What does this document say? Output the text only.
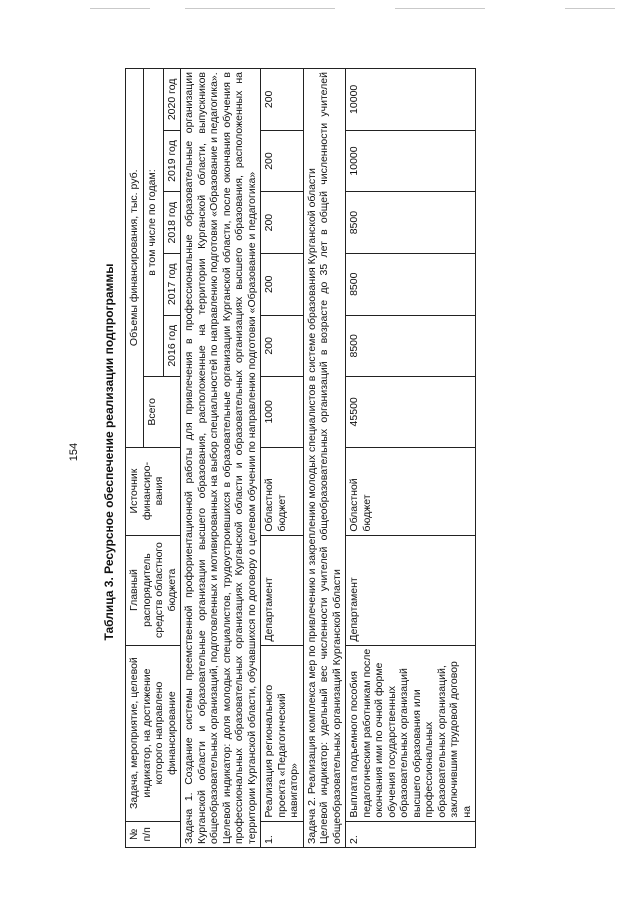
154 Таблица 3. Ресурсное обеспечение реализации подпрограммы
№ п/п	Задача, мероприятие, целевой индикатор, на достижение которого направлено финансирование	Главный распорядитель средств областного бюджета	Источник финансиро-вания	Объемы финансирования, тыс. руб.					
				Всего	в том числе по годам:				
					2016 год	2017 год	2018 год	2019 год	2020 год

Задача 1. Создание системы преемственной профориентационной работы для привлечения в профессиональные образовательные организации Курганской области и образовательные организации высшего образования, расположенные на территории Курганской области, выпускников общеобразовательных организаций, подготовленных и мотивированных на выбор специальностей по направлению подготовки «Образование и педагогика». Целевой индикатор: доля молодых специалистов, трудоустроившихся в образовательные организации Курганской области, после окончания обучения в профессиональных образовательных организациях Курганской области и образовательных организациях высшего образования, расположенных на территории Курганской области, обучавшихся по договору о целевом обучении по направлению подготовки «Образование и педагогика»									

1.	Реализация регионального проекта «Педагогический навигатор»	Департамент	Областной бюджет	1000	200	200	200	200	200

Задача 2. Реализация комплекса мер по привлечению и закреплению молодых специалистов в системе образования Курганской области Целевой индикатор: удельный вес численности учителей общеобразовательных организаций в возрасте до 35 лет в общей численности учителей общеобразовательных организаций Курганской области									

2.	Выплата подъемного пособия педагогическим работникам после окончания ими по очной форме обучения государственных образовательных организаций высшего образования или профессиональных образовательных организаций, заключившим трудовой договор на	Департамент	Областной бюджет	45500	8500	8500	8500	10000	10000
